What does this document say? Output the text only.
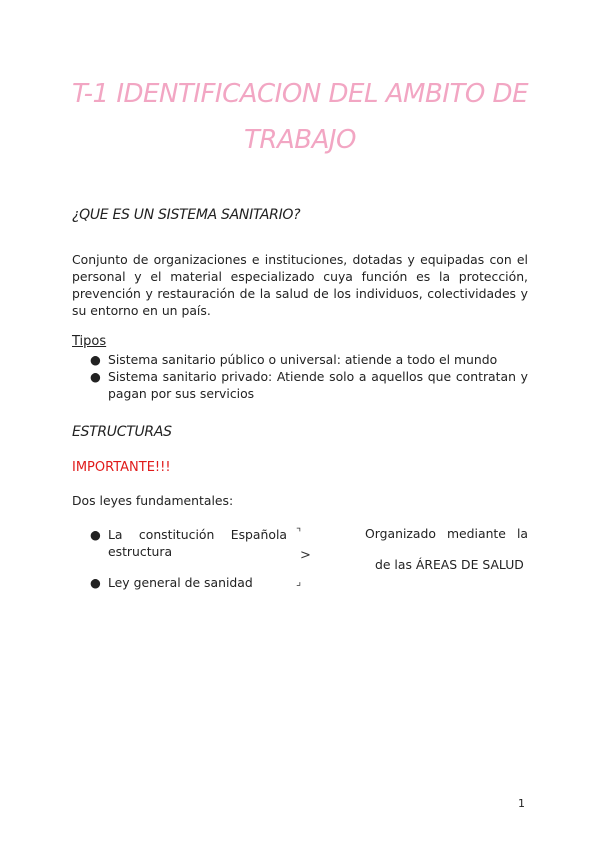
T-1 IDENTIFICACION DEL AMBITO DE
TRABAJO
¿QUE ES UN SISTEMA SANITARIO?
Conjunto de organizaciones e instituciones, dotadas y equipadas con el personal y el material especializado cuya función es la protección, prevención y restauración de la salud de los individuos, colectividades y su entorno en un país.
Tipos
● Sistema sanitario público o universal: atiende a todo el mundo
● Sistema sanitario privado: Atiende solo a aquellos que contratan y pagan por sus servicios
ESTRUCTURAS
IMPORTANTE!!!
Dos leyes fundamentales:
● La constitución Española estructura
● Ley general de sanidad
⌝
>
⌟
Organizado mediante la
de las ÁREAS DE SALUD
1
